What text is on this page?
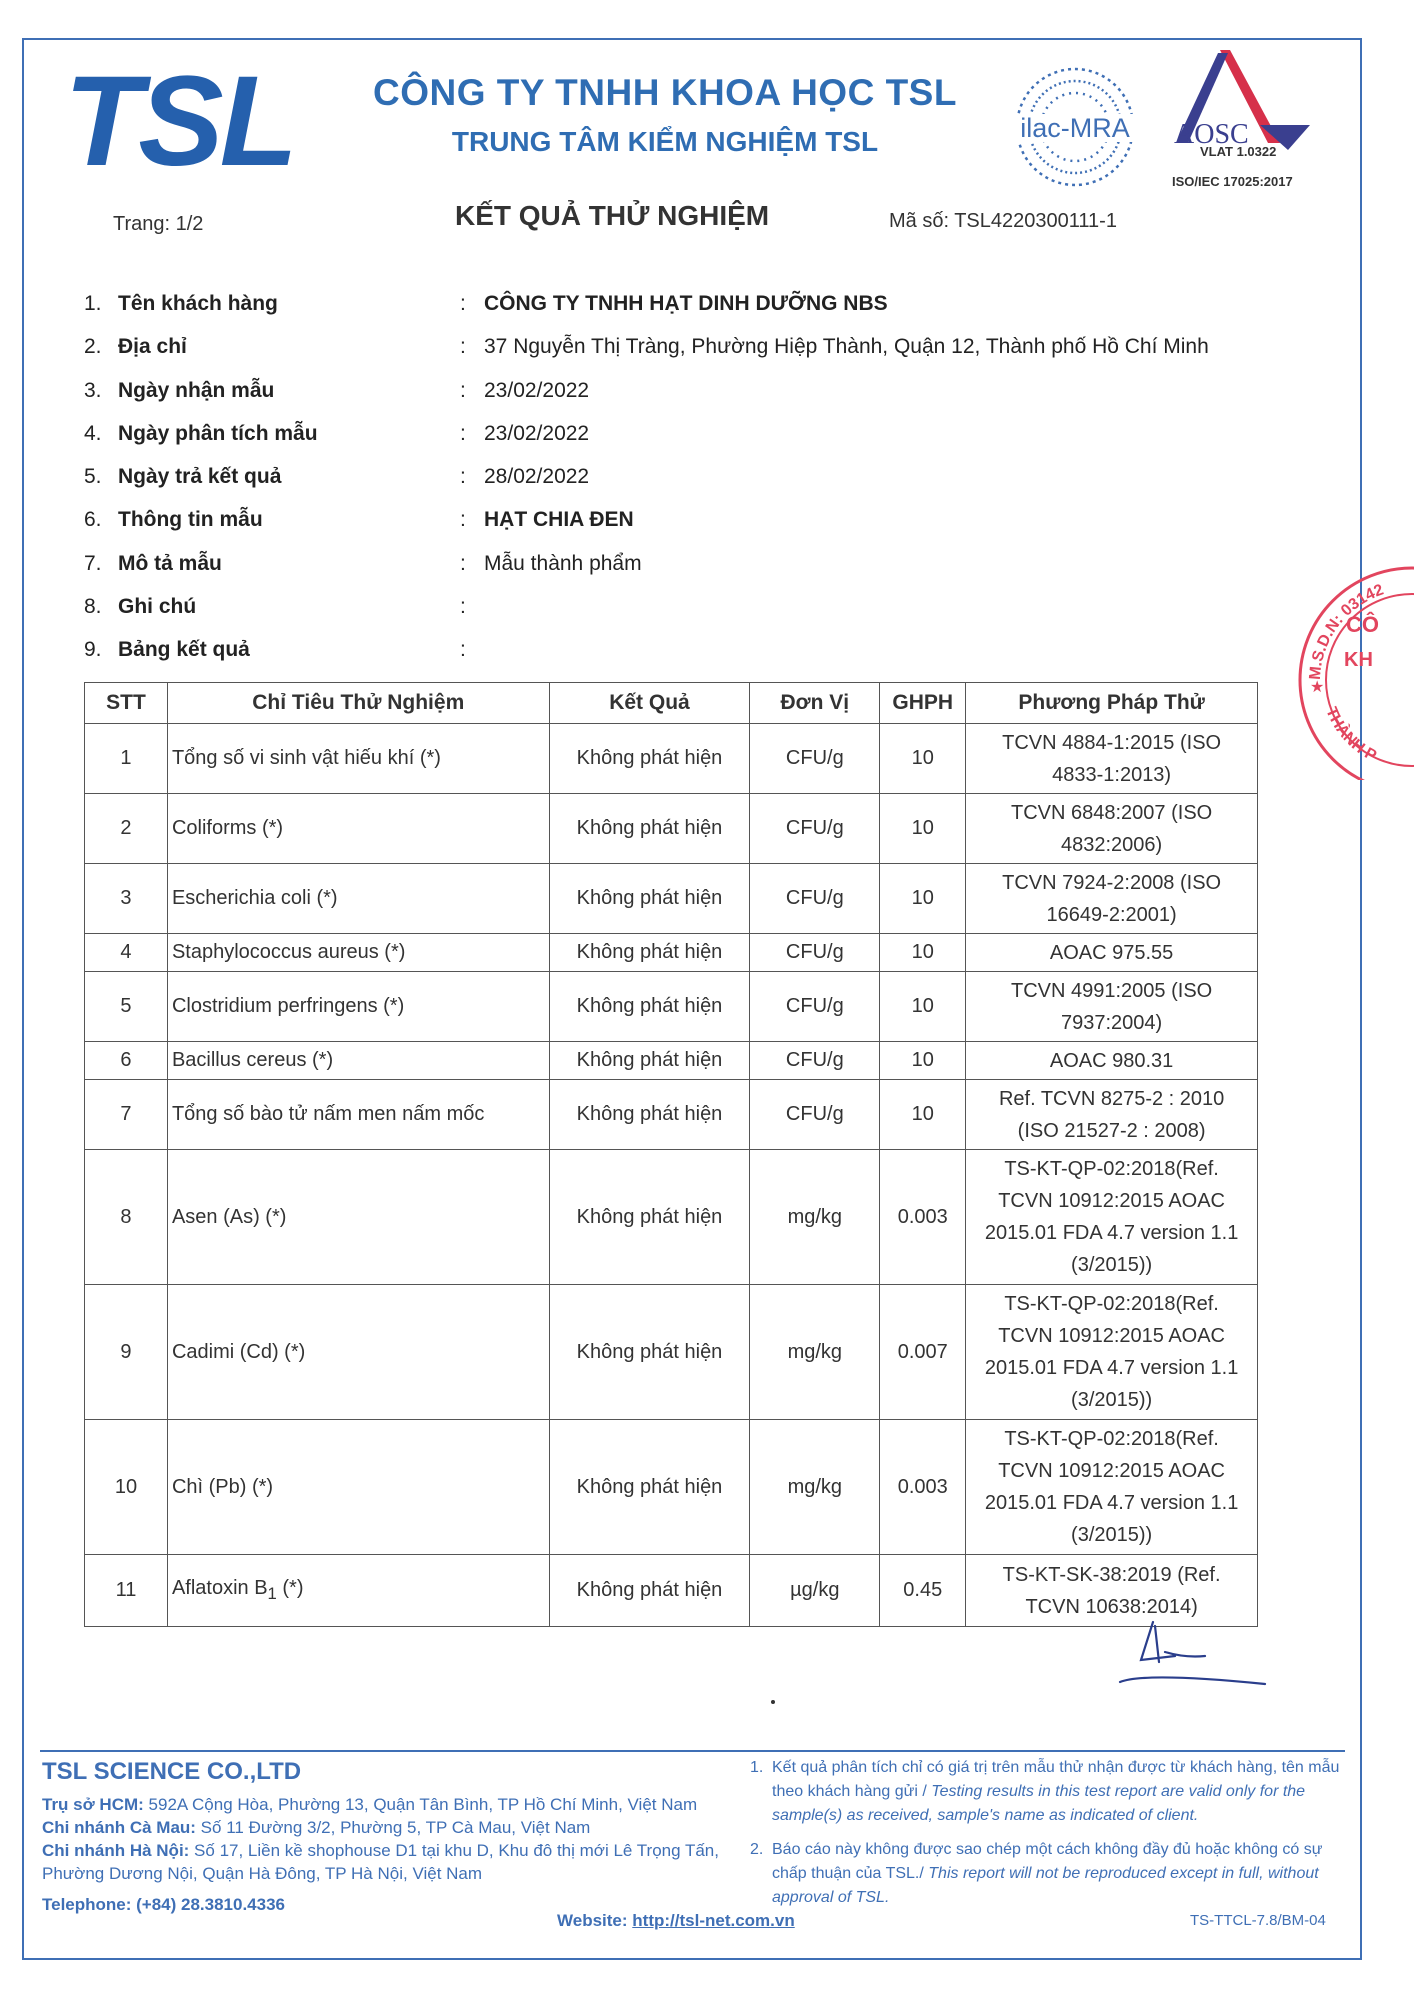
TSL	CÔNG TY TNHH KHOA HỌC TSL
TRUNG TÂM KIỂM NGHIỆM TSL	ilac-MRA AOSC
VLAT 1.0322
ISO/IEC 17025:2017
Trang: 1/2	KẾT QUẢ THỬ NGHIỆM	Mã số: TSL4220300111-1
1. Tên khách hàng	: CÔNG TY TNHH HẠT DINH DƯỠNG NBS
2. Địa chỉ	: 37 Nguyễn Thị Tràng, Phường Hiệp Thành, Quận 12, Thành phố Hồ Chí Minh
3. Ngày nhận mẫu	: 23/02/2022
4. Ngày phân tích mẫu	: 23/02/2022
5. Ngày trả kết quả	: 28/02/2022
6. Thông tin mẫu	: HẠT CHIA ĐEN
7. Mô tả mẫu	: Mẫu thành phẩm
8. Ghi chú	:
9. Bảng kết quả	:
STT	Chỉ Tiêu Thử Nghiệm	Kết Quả	Đơn Vị	GHPH	Phương Pháp Thử
1	Tổng số vi sinh vật hiếu khí (*)	Không phát hiện	CFU/g	10	TCVN 4884-1:2015 (ISO
4833-1:2013)

2	Coliforms (*)	Không phát hiện	CFU/g	10	TCVN 6848:2007 (ISO
4832:2006)

3	Escherichia coli (*)	Không phát hiện	CFU/g	10	TCVN 7924-2:2008 (ISO
16649-2:2001)

4	Staphylococcus aureus (*)	Không phát hiện	CFU/g	10	AOAC 975.55

5	Clostridium perfringens (*)	Không phát hiện	CFU/g	10	TCVN 4991:2005 (ISO
7937:2004)

6	Bacillus cereus (*)	Không phát hiện	CFU/g	10	AOAC 980.31

7	Tổng số bào tử nấm men nấm mốc	Không phát hiện	CFU/g	10	Ref. TCVN 8275-2 : 2010
(ISO 21527-2 : 2008)

8	Asen (As) (*)	Không phát hiện	mg/kg	0.003	TS-KT-QP-02:2018(Ref.
TCVN 10912:2015 AOAC
2015.01 FDA 4.7 version 1.1
(3/2015))

9	Cadimi (Cd) (*)	Không phát hiện	mg/kg	0.007	TS-KT-QP-02:2018(Ref.
TCVN 10912:2015 AOAC
2015.01 FDA 4.7 version 1.1
(3/2015))

10	Chì (Pb) (*)	Không phát hiện	mg/kg	0.003	TS-KT-QP-02:2018(Ref.
TCVN 10912:2015 AOAC
2015.01 FDA 4.7 version 1.1
(3/2015))

11	Aflatoxin $B_1$ (*)	Không phát hiện	µg/kg	0.45	TS-KT-SK-38:2019 (Ref.
TCVN 10638:2014)
M.S.D.N: 03142
THÀNH P
CÔ
KH
★
TSL SCIENCE CO.,LTD
Trụ sở HCM: 592A Cộng Hòa, Phường 13, Quận Tân Bình, TP Hồ Chí Minh, Việt Nam
Chi nhánh Cà Mau: Số 11 Đường 3/2, Phường 5, TP Cà Mau, Việt Nam
Chi nhánh Hà Nội: Số 17, Liền kề shophouse D1 tại khu D, Khu đô thị mới Lê Trọng Tấn, Phường Dương Nội, Quận Hà Đông, TP Hà Nội, Việt Nam
Telephone: (+84) 28.3810.4336
Website: http://tsl-net.com.vn
1. Kết quả phân tích chỉ có giá trị trên mẫu thử nhận được từ khách hàng, tên mẫu theo khách hàng gửi / Testing results in this test report are valid only for the sample(s) as received, sample's name as indicated of client.
2. Báo cáo này không được sao chép một cách không đầy đủ hoặc không có sự chấp thuận của TSL./ This report will not be reproduced except in full, without approval of TSL.
TS-TTCL-7.8/BM-04
